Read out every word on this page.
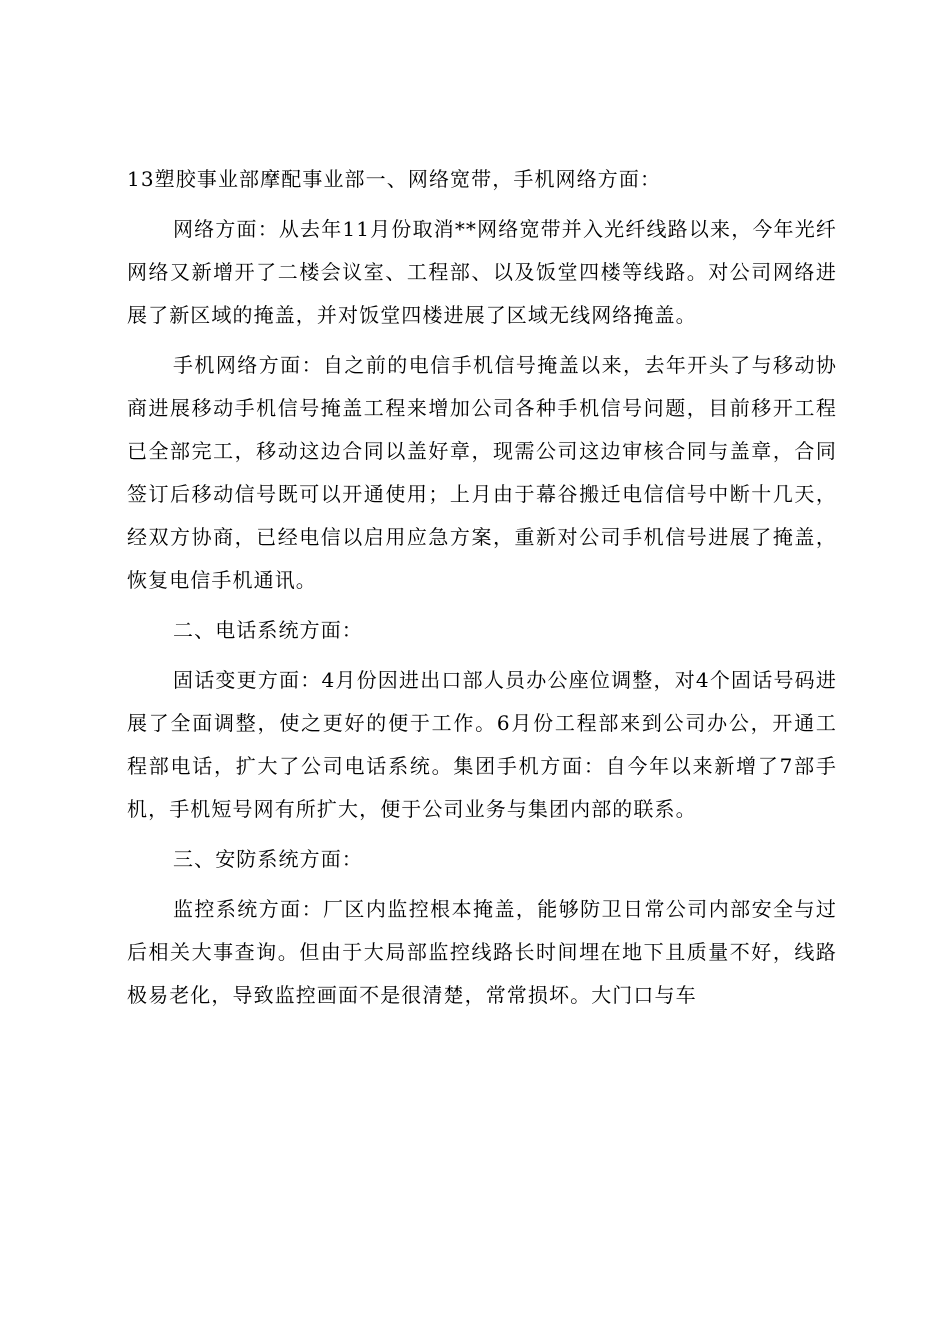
13塑胶事业部摩配事业部一、网络宽带，手机网络方面：

网络方面：从去年11月份取消**网络宽带并入光纤线路以来，今年光纤网络又新增开了二楼会议室、工程部、以及饭堂四楼等线路。对公司网络进展了新区域的掩盖，并对饭堂四楼进展了区域无线网络掩盖。

手机网络方面：自之前的电信手机信号掩盖以来，去年开头了与移动协商进展移动手机信号掩盖工程来增加公司各种手机信号问题，目前移开工程已全部完工，移动这边合同以盖好章，现需公司这边审核合同与盖章，合同签订后移动信号既可以开通使用；上月由于幕谷搬迁电信信号中断十几天，经双方协商，已经电信以启用应急方案，重新对公司手机信号进展了掩盖，恢复电信手机通讯。

二、电话系统方面：

固话变更方面：4月份因进出口部人员办公座位调整，对4个固话号码进展了全面调整，使之更好的便于工作。6月份工程部来到公司办公，开通工程部电话，扩大了公司电话系统。集团手机方面：自今年以来新增了7部手机，手机短号网有所扩大，便于公司业务与集团内部的联系。

三、安防系统方面：

监控系统方面：厂区内监控根本掩盖，能够防卫日常公司内部安全与过后相关大事查询。但由于大局部监控线路长时间埋在地下且质量不好，线路极易老化，导致监控画面不是很清楚，常常损坏。大门口与车
